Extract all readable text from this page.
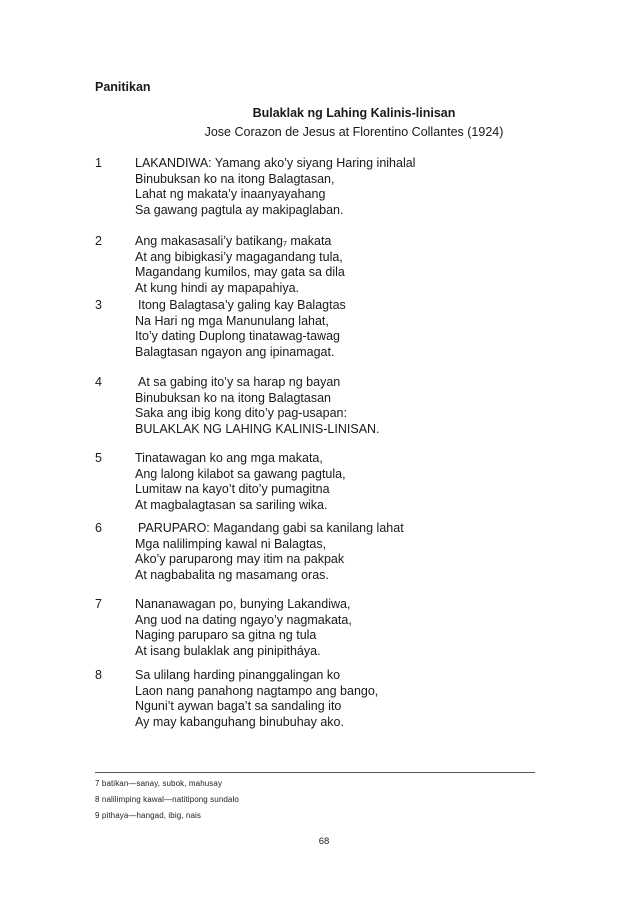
Panitikan
Bulaklak ng Lahing Kalinis-linisan
Jose Corazon de Jesus at Florentino Collantes (1924)
1	LAKANDIWA: Yamang ako’y siyang Haring inihalal
Binubuksan ko na itong Balagtasan,
Lahat ng makata’y inaanyayahang
Sa gawang pagtula ay makipaglaban.
2	Ang makasasali’y batikang$^7$ makata
At ang bibigkasi’y magagandang tula,
Magandang kumilos, may gata sa dila
At kung hindi ay mapapahiya.
3	Itong Balagtasa’y galing kay Balagtas
Na Hari ng mga Manunulang lahat,
Ito’y dating Duplong tinatawag-tawag
Balagtasan ngayon ang ipinamagat.
4	At sa gabing ito’y sa harap ng bayan
Binubuksan ko na itong Balagtasan
Saka ang ibig kong dito’y pag-usapan:
BULAKLAK NG LAHING KALINIS-LINISAN.
5	Tinatawagan ko ang mga makata,
Ang lalong kilabot sa gawang pagtula,
Lumitaw na kayo’t dito’y pumagitna
At magbalagtasan sa sariling wika.
6	PARUPARO: Magandang gabi sa kanilang lahat
Mga nalilimping kawal ni Balagtas,
Ako’y paruparong may itim na pakpak
At nagbabalita ng masamang oras.
7	Nananawagan po, bunying Lakandiwa,
Ang uod na dating ngayo’y nagmakata,
Naging paruparo sa gitna ng tula
At isang bulaklak ang pinipitháya.
8	Sa ulilang harding pinanggalingan ko
Laon nang panahong nagtampo ang bango,
Nguni’t aywan baga’t sa sandaling ito
Ay may kabanguhang binubuhay ako.
7 batikan—sanay, subok, mahusay
8 nalilimping kawal—natitipong sundalo
9 pithaya—hangad, ibig, nais
68
